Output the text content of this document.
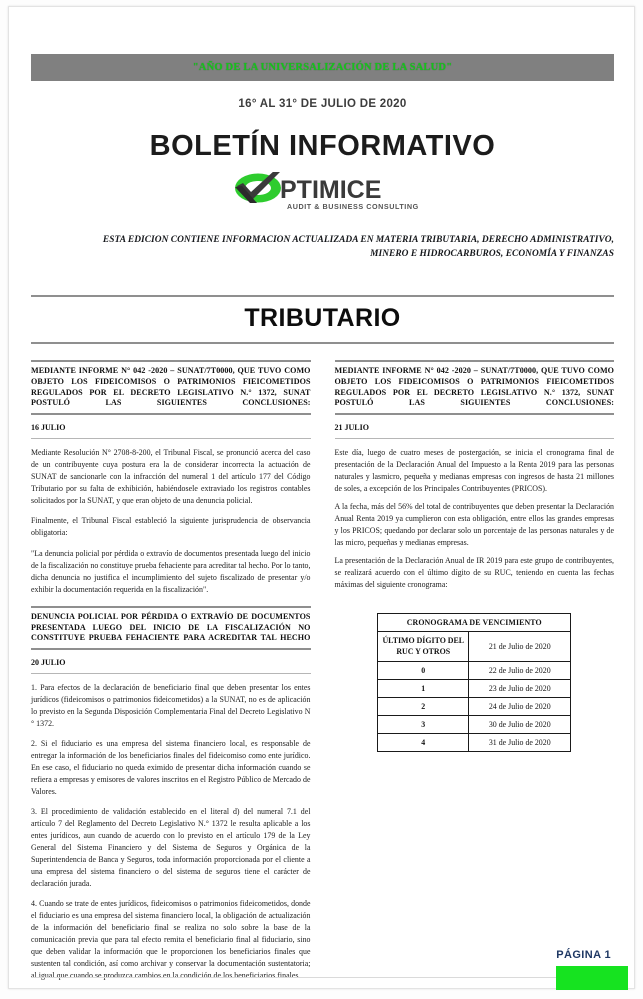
"AÑO DE LA UNIVERSALIZACIÓN DE LA SALUD"
16° AL 31° DE JULIO DE 2020
BOLETÍN INFORMATIVO
PTIMICE
AUDIT & BUSINESS CONSULTING
ESTA EDICION CONTIENE INFORMACION ACTUALIZADA EN MATERIA TRIBUTARIA, DERECHO ADMINISTRATIVO,
MINERO E HIDROCARBUROS, ECONOMÍA Y FINANZAS
TRIBUTARIO
MEDIANTE INFORME N° 042 -2020 – SUNAT/7T0000, QUE TUVO COMO OBJETO LOS FIDEICOMISOS O PATRIMONIOS FIEICOMETIDOS REGULADOS POR EL DECRETO LEGISLATIVO N.° 1372, SUNAT POSTULÓ LAS SIGUIENTES CONCLUSIONES:
16 JULIO
Mediante Resolución N° 2708-8-200, el Tribunal Fiscal, se pronunció acerca del caso de un contribuyente cuya postura era la de considerar incorrecta la actuación de SUNAT de sancionarle con la infracción del numeral 1 del artículo 177 del Código Tributario por su falta de exhibición, habiéndosele extraviado los registros contables solicitados por la SUNAT, y que eran objeto de una denuncia policial.
Finalmente, el Tribunal Fiscal estableció la siguiente jurisprudencia de observancia obligatoria:
"La denuncia policial por pérdida o extravío de documentos presentada luego del inicio de la fiscalización no constituye prueba fehaciente para acreditar tal hecho. Por lo tanto, dicha denuncia no justifica el incumplimiento del sujeto fiscalizado de presentar y/o exhibir la documentación requerida en la fiscalización".
DENUNCIA POLICIAL POR PÉRDIDA O EXTRAVÍO DE DOCUMENTOS PRESENTADA LUEGO DEL INICIO DE LA FISCALIZACIÓN NO CONSTITUYE PRUEBA FEHACIENTE PARA ACREDITAR TAL HECHO
20 JULIO
1. Para efectos de la declaración de beneficiario final que deben presentar los entes jurídicos (fideicomisos o patrimonios fideicometidos) a la SUNAT, no es de aplicación lo previsto en la Segunda Disposición Complementaria Final del Decreto Legislativo N ° 1372.
2. Si el fiduciario es una empresa del sistema financiero local, es responsable de entregar la información de los beneficiarios finales del fideicomiso como ente jurídico. En ese caso, el fiduciario no queda eximido de presentar dicha información cuando se refiera a empresas y emisores de valores inscritos en el Registro Público de Mercado de Valores.
3. El procedimiento de validación establecido en el literal d) del numeral 7.1 del artículo 7 del Reglamento del Decreto Legislativo N.° 1372 le resulta aplicable a los entes jurídicos, aun cuando de acuerdo con lo previsto en el artículo 179 de la Ley General del Sistema Financiero y del Sistema de Seguros y Orgánica de la Superintendencia de Banca y Seguros, toda información proporcionada por el cliente a una empresa del sistema financiero o del sistema de seguros tiene el carácter de declaración jurada.
4. Cuando se trate de entes jurídicos, fideicomisos o patrimonios fideicometidos, donde el fiduciario es una empresa del sistema financiero local, la obligación de actualización de la información del beneficiario final se realiza no solo sobre la base de la comunicación previa que para tal efecto remita el beneficiario final al fiduciario, sino que deben validar la información que le proporcionen los beneficiarios finales que sustenten tal condición, así como archivar y conservar la documentación sustentatoria; al igual que cuando se produzca cambios en la condición de los beneficiarios finales
MEDIANTE INFORME N° 042 -2020 – SUNAT/7T0000, QUE TUVO COMO OBJETO LOS FIDEICOMISOS O PATRIMONIOS FIEICOMETIDOS REGULADOS POR EL DECRETO LEGISLATIVO N.° 1372, SUNAT POSTULÓ LAS SIGUIENTES CONCLUSIONES:
21 JULIO
Este día, luego de cuatro meses de postergación, se inicia el cronograma final de presentación de la Declaración Anual del Impuesto a la Renta 2019 para las personas naturales y lasmicro, pequeña y medianas empresas con ingresos de hasta 21 millones de soles, a excepción de los Principales Contribuyentes (PRICOS).
A la fecha, más del 56% del total de contribuyentes que deben presentar la Declaración Anual Renta 2019 ya cumplieron con esta obligación, entre ellos las grandes empresas y los PRICOS; quedando por declarar solo un porcentaje de las personas naturales y de las micro, pequeñas y medianas empresas.
La presentación de la Declaración Anual de IR 2019 para este grupo de contribuyentes, se realizará acuerdo con el último dígito de su RUC, teniendo en cuenta las fechas máximas del siguiente cronograma:
CRONOGRAMA DE VENCIMIENTO	
ÚLTIMO DÍGITO DEL RUC Y OTROS	21 de Julio de 2020
0	22 de Julio de 2020
1	23 de Julio de 2020
2	24 de Julio de 2020
3	30 de Julio de 2020
4	31 de Julio de 2020
PÁGINA 1
